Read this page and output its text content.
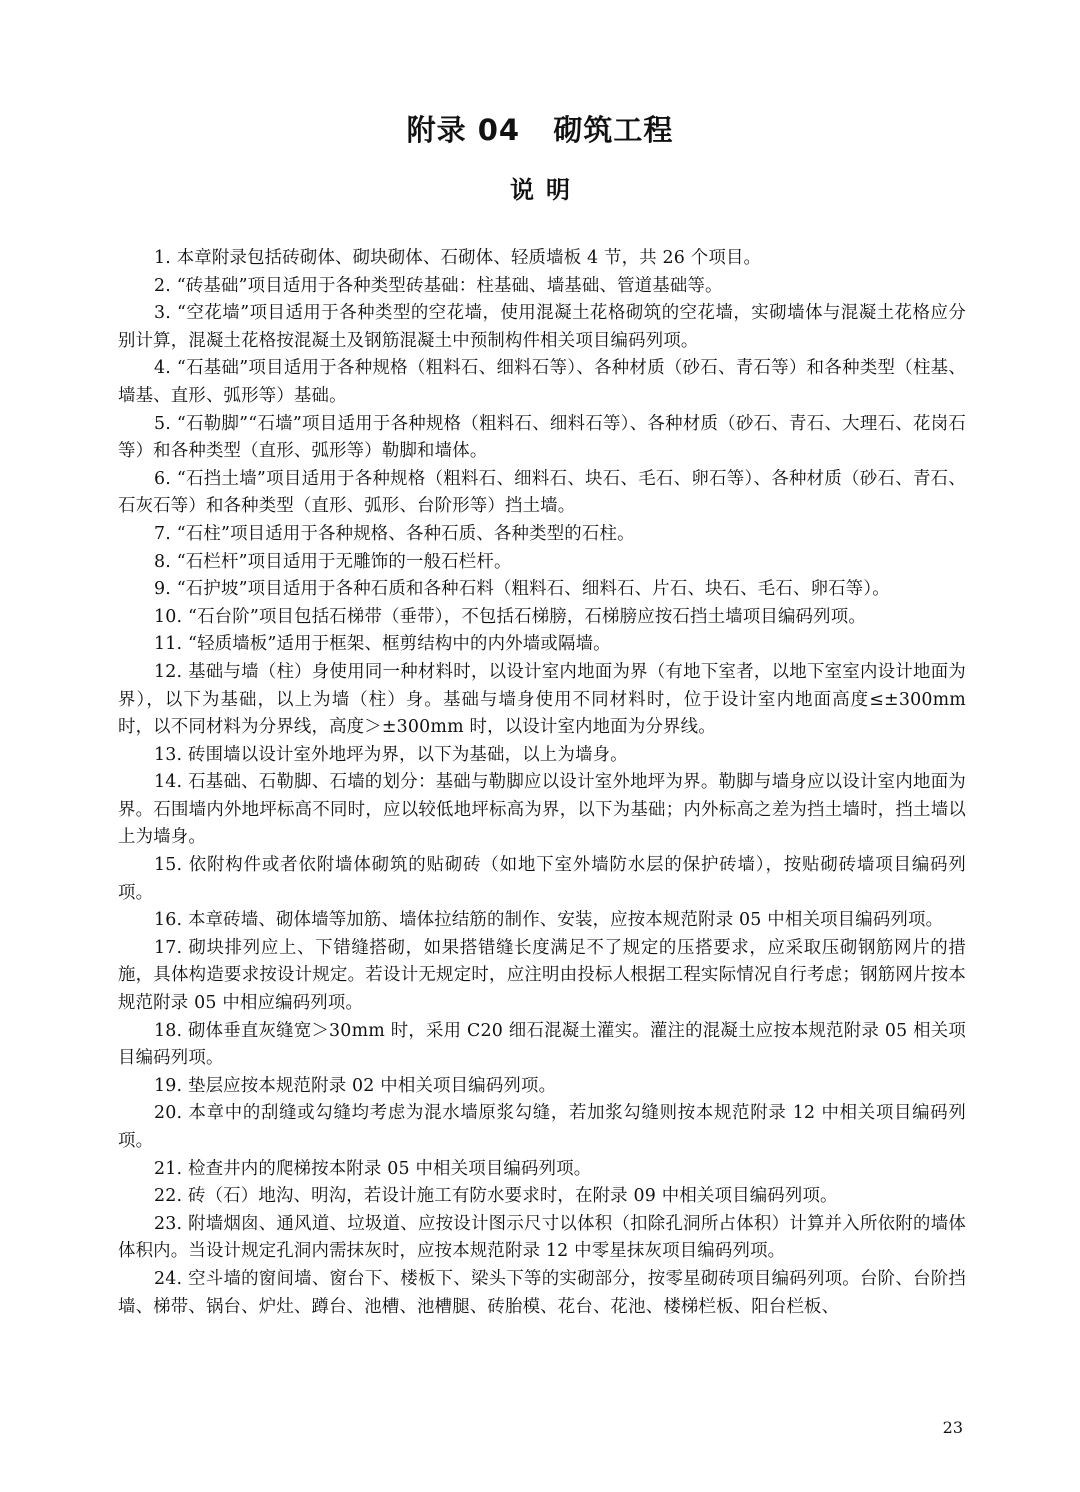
附录 04   砌筑工程
说明

1. 本章附录包括砖砌体、砌块砌体、石砌体、轻质墙板 4 节，共 26 个项目。

2. “砖基础”项目适用于各种类型砖基础：柱基础、墙基础、管道基础等。

3. “空花墙”项目适用于各种类型的空花墙，使用混凝土花格砌筑的空花墙，实砌墙体与混凝土花格应分别计算，混凝土花格按混凝土及钢筋混凝土中预制构件相关项目编码列项。

4. “石基础”项目适用于各种规格（粗料石、细料石等）、各种材质（砂石、青石等）和各种类型（柱基、墙基、直形、弧形等）基础。

5. “石勒脚”“石墙”项目适用于各种规格（粗料石、细料石等）、各种材质（砂石、青石、大理石、花岗石等）和各种类型（直形、弧形等）勒脚和墙体。

6. “石挡土墙”项目适用于各种规格（粗料石、细料石、块石、毛石、卵石等）、各种材质（砂石、青石、石灰石等）和各种类型（直形、弧形、台阶形等）挡土墙。

7. “石柱”项目适用于各种规格、各种石质、各种类型的石柱。

8. “石栏杆”项目适用于无雕饰的一般石栏杆。

9. “石护坡”项目适用于各种石质和各种石料（粗料石、细料石、片石、块石、毛石、卵石等）。

10. “石台阶”项目包括石梯带（垂带），不包括石梯膀，石梯膀应按石挡土墙项目编码列项。

11. “轻质墙板”适用于框架、框剪结构中的内外墙或隔墙。

12. 基础与墙（柱）身使用同一种材料时，以设计室内地面为界（有地下室者，以地下室室内设计地面为界），以下为基础，以上为墙（柱）身。基础与墙身使用不同材料时，位于设计室内地面高度≤±300mm 时，以不同材料为分界线，高度＞±300mm 时，以设计室内地面为分界线。

13. 砖围墙以设计室外地坪为界，以下为基础，以上为墙身。

14. 石基础、石勒脚、石墙的划分：基础与勒脚应以设计室外地坪为界。勒脚与墙身应以设计室内地面为界。石围墙内外地坪标高不同时，应以较低地坪标高为界，以下为基础；内外标高之差为挡土墙时，挡土墙以上为墙身。

15. 依附构件或者依附墙体砌筑的贴砌砖（如地下室外墙防水层的保护砖墙），按贴砌砖墙项目编码列项。

16. 本章砖墙、砌体墙等加筋、墙体拉结筋的制作、安装，应按本规范附录 05 中相关项目编码列项。

17. 砌块排列应上、下错缝搭砌，如果搭错缝长度满足不了规定的压搭要求，应采取压砌钢筋网片的措施，具体构造要求按设计规定。若设计无规定时，应注明由投标人根据工程实际情况自行考虑；钢筋网片按本规范附录 05 中相应编码列项。

18. 砌体垂直灰缝宽＞30mm 时，采用 C20 细石混凝土灌实。灌注的混凝土应按本规范附录 05 相关项目编码列项。

19. 垫层应按本规范附录 02 中相关项目编码列项。

20. 本章中的刮缝或勾缝均考虑为混水墙原浆勾缝，若加浆勾缝则按本规范附录 12 中相关项目编码列项。

21. 检查井内的爬梯按本附录 05 中相关项目编码列项。

22. 砖（石）地沟、明沟，若设计施工有防水要求时，在附录 09 中相关项目编码列项。

23. 附墙烟囱、通风道、垃圾道、应按设计图示尺寸以体积（扣除孔洞所占体积）计算并入所依附的墙体体积内。当设计规定孔洞内需抹灰时，应按本规范附录 12 中零星抹灰项目编码列项。

24. 空斗墙的窗间墙、窗台下、楼板下、梁头下等的实砌部分，按零星砌砖项目编码列项。台阶、台阶挡墙、梯带、锅台、炉灶、蹲台、池槽、池槽腿、砖胎模、花台、花池、楼梯栏板、阳台栏板、

23
